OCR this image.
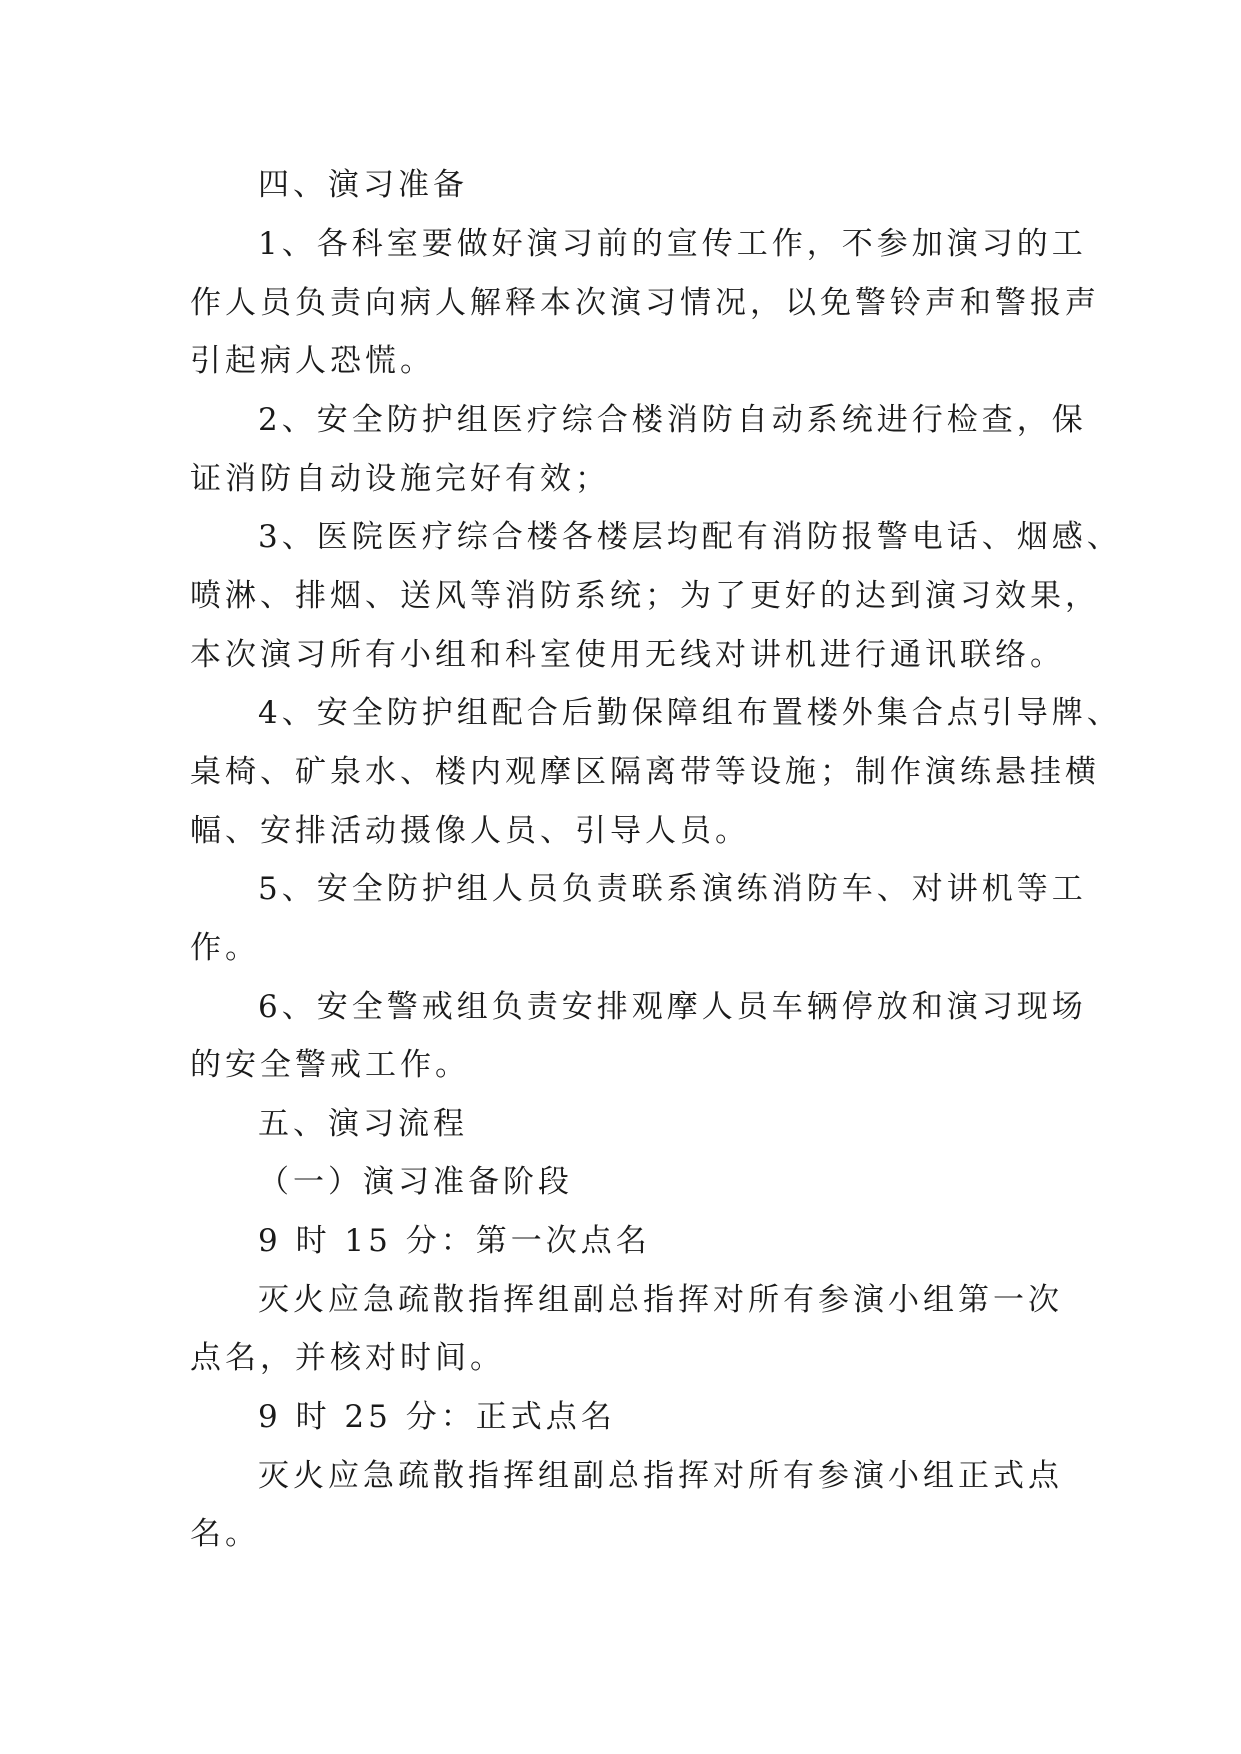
四、演习准备
1、各科室要做好演习前的宣传工作，不参加演习的工
作人员负责向病人解释本次演习情况，以免警铃声和警报声
引起病人恐慌。
2、安全防护组医疗综合楼消防自动系统进行检查，保
证消防自动设施完好有效；
3、医院医疗综合楼各楼层均配有消防报警电话、烟感、
喷淋、排烟、送风等消防系统；为了更好的达到演习效果，
本次演习所有小组和科室使用无线对讲机进行通讯联络。
4、安全防护组配合后勤保障组布置楼外集合点引导牌、
桌椅、矿泉水、楼内观摩区隔离带等设施；制作演练悬挂横
幅、安排活动摄像人员、引导人员。
5、安全防护组人员负责联系演练消防车、对讲机等工
作。
6、安全警戒组负责安排观摩人员车辆停放和演习现场
的安全警戒工作。
五、演习流程
（一）演习准备阶段
9 时 15 分：第一次点名
灭火应急疏散指挥组副总指挥对所有参演小组第一次
点名，并核对时间。
9 时 25 分：正式点名
灭火应急疏散指挥组副总指挥对所有参演小组正式点
名。
